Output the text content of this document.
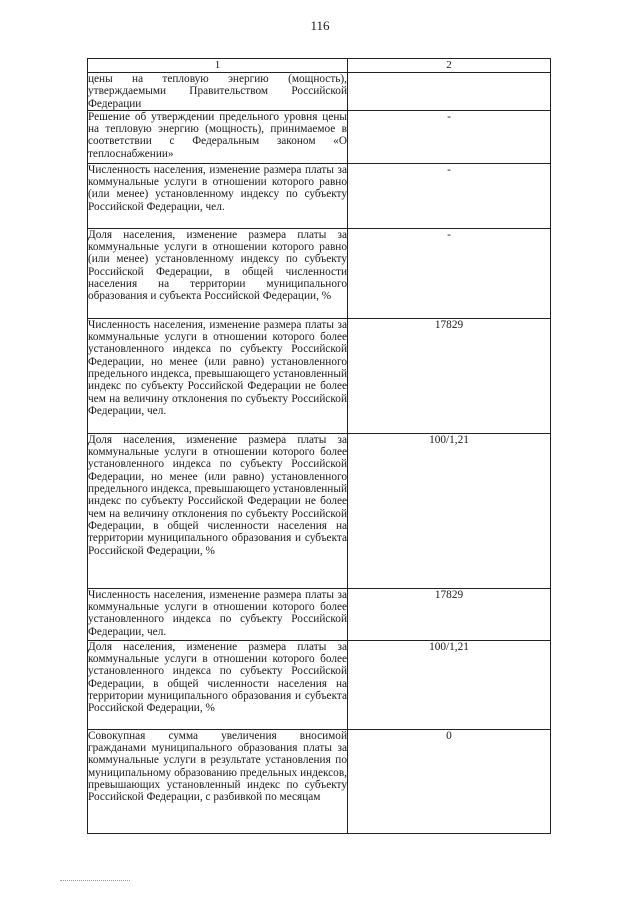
116
1	2
цены на тепловую энергию (мощность), утверждаемыми Правительством Российской Федерации	

Решение об утверждении предельного уровня цены на тепловую энергию (мощность), принимаемое в соответствии с Федеральным законом «О теплоснабжении»	-

Численность населения, изменение размера платы за коммунальные услуги в отношении которого равно (или менее) установленному индексу по субъекту Российской Федерации, чел.	-

Доля населения, изменение размера платы за коммунальные услуги в отношении которого равно (или менее) установленному индексу по субъекту Российской Федерации, в общей численности населения на территории муниципального образования и субъекта Российской Федерации, %	-

Численность населения, изменение размера платы за коммунальные услуги в отношении которого более установленного индекса по субъекту Российской Федерации, но менее (или равно) установленного предельного индекса, превышающего установленный индекс по субъекту Российской Федерации не более чем на величину отклонения по субъекту Российской Федерации, чел.	17829

Доля населения, изменение размера платы за коммунальные услуги в отношении которого более установленного индекса по субъекту Российской Федерации, но менее (или равно) установленного предельного индекса, превышающего установленный индекс по субъекту Российской Федерации не более чем на величину отклонения по субъекту Российской Федерации, в общей численности населения на территории муниципального образования и субъекта Российской Федерации, %	100/1,21

Численность населения, изменение размера платы за коммунальные услуги в отношении которого более установленного индекса по субъекту Российской Федерации, чел.	17829

Доля населения, изменение размера платы за коммунальные услуги в отношении которого более установленного индекса по субъекту Российской Федерации, в общей численности населения на территории муниципального образования и субъекта Российской Федерации, %	100/1,21

Совокупная сумма увеличения вносимой гражданами муниципального образования платы за коммунальные услуги в результате установления по муниципальному образованию предельных индексов, превышающих установленный индекс по субъекту Российской Федерации, с разбивкой по месяцам	0
